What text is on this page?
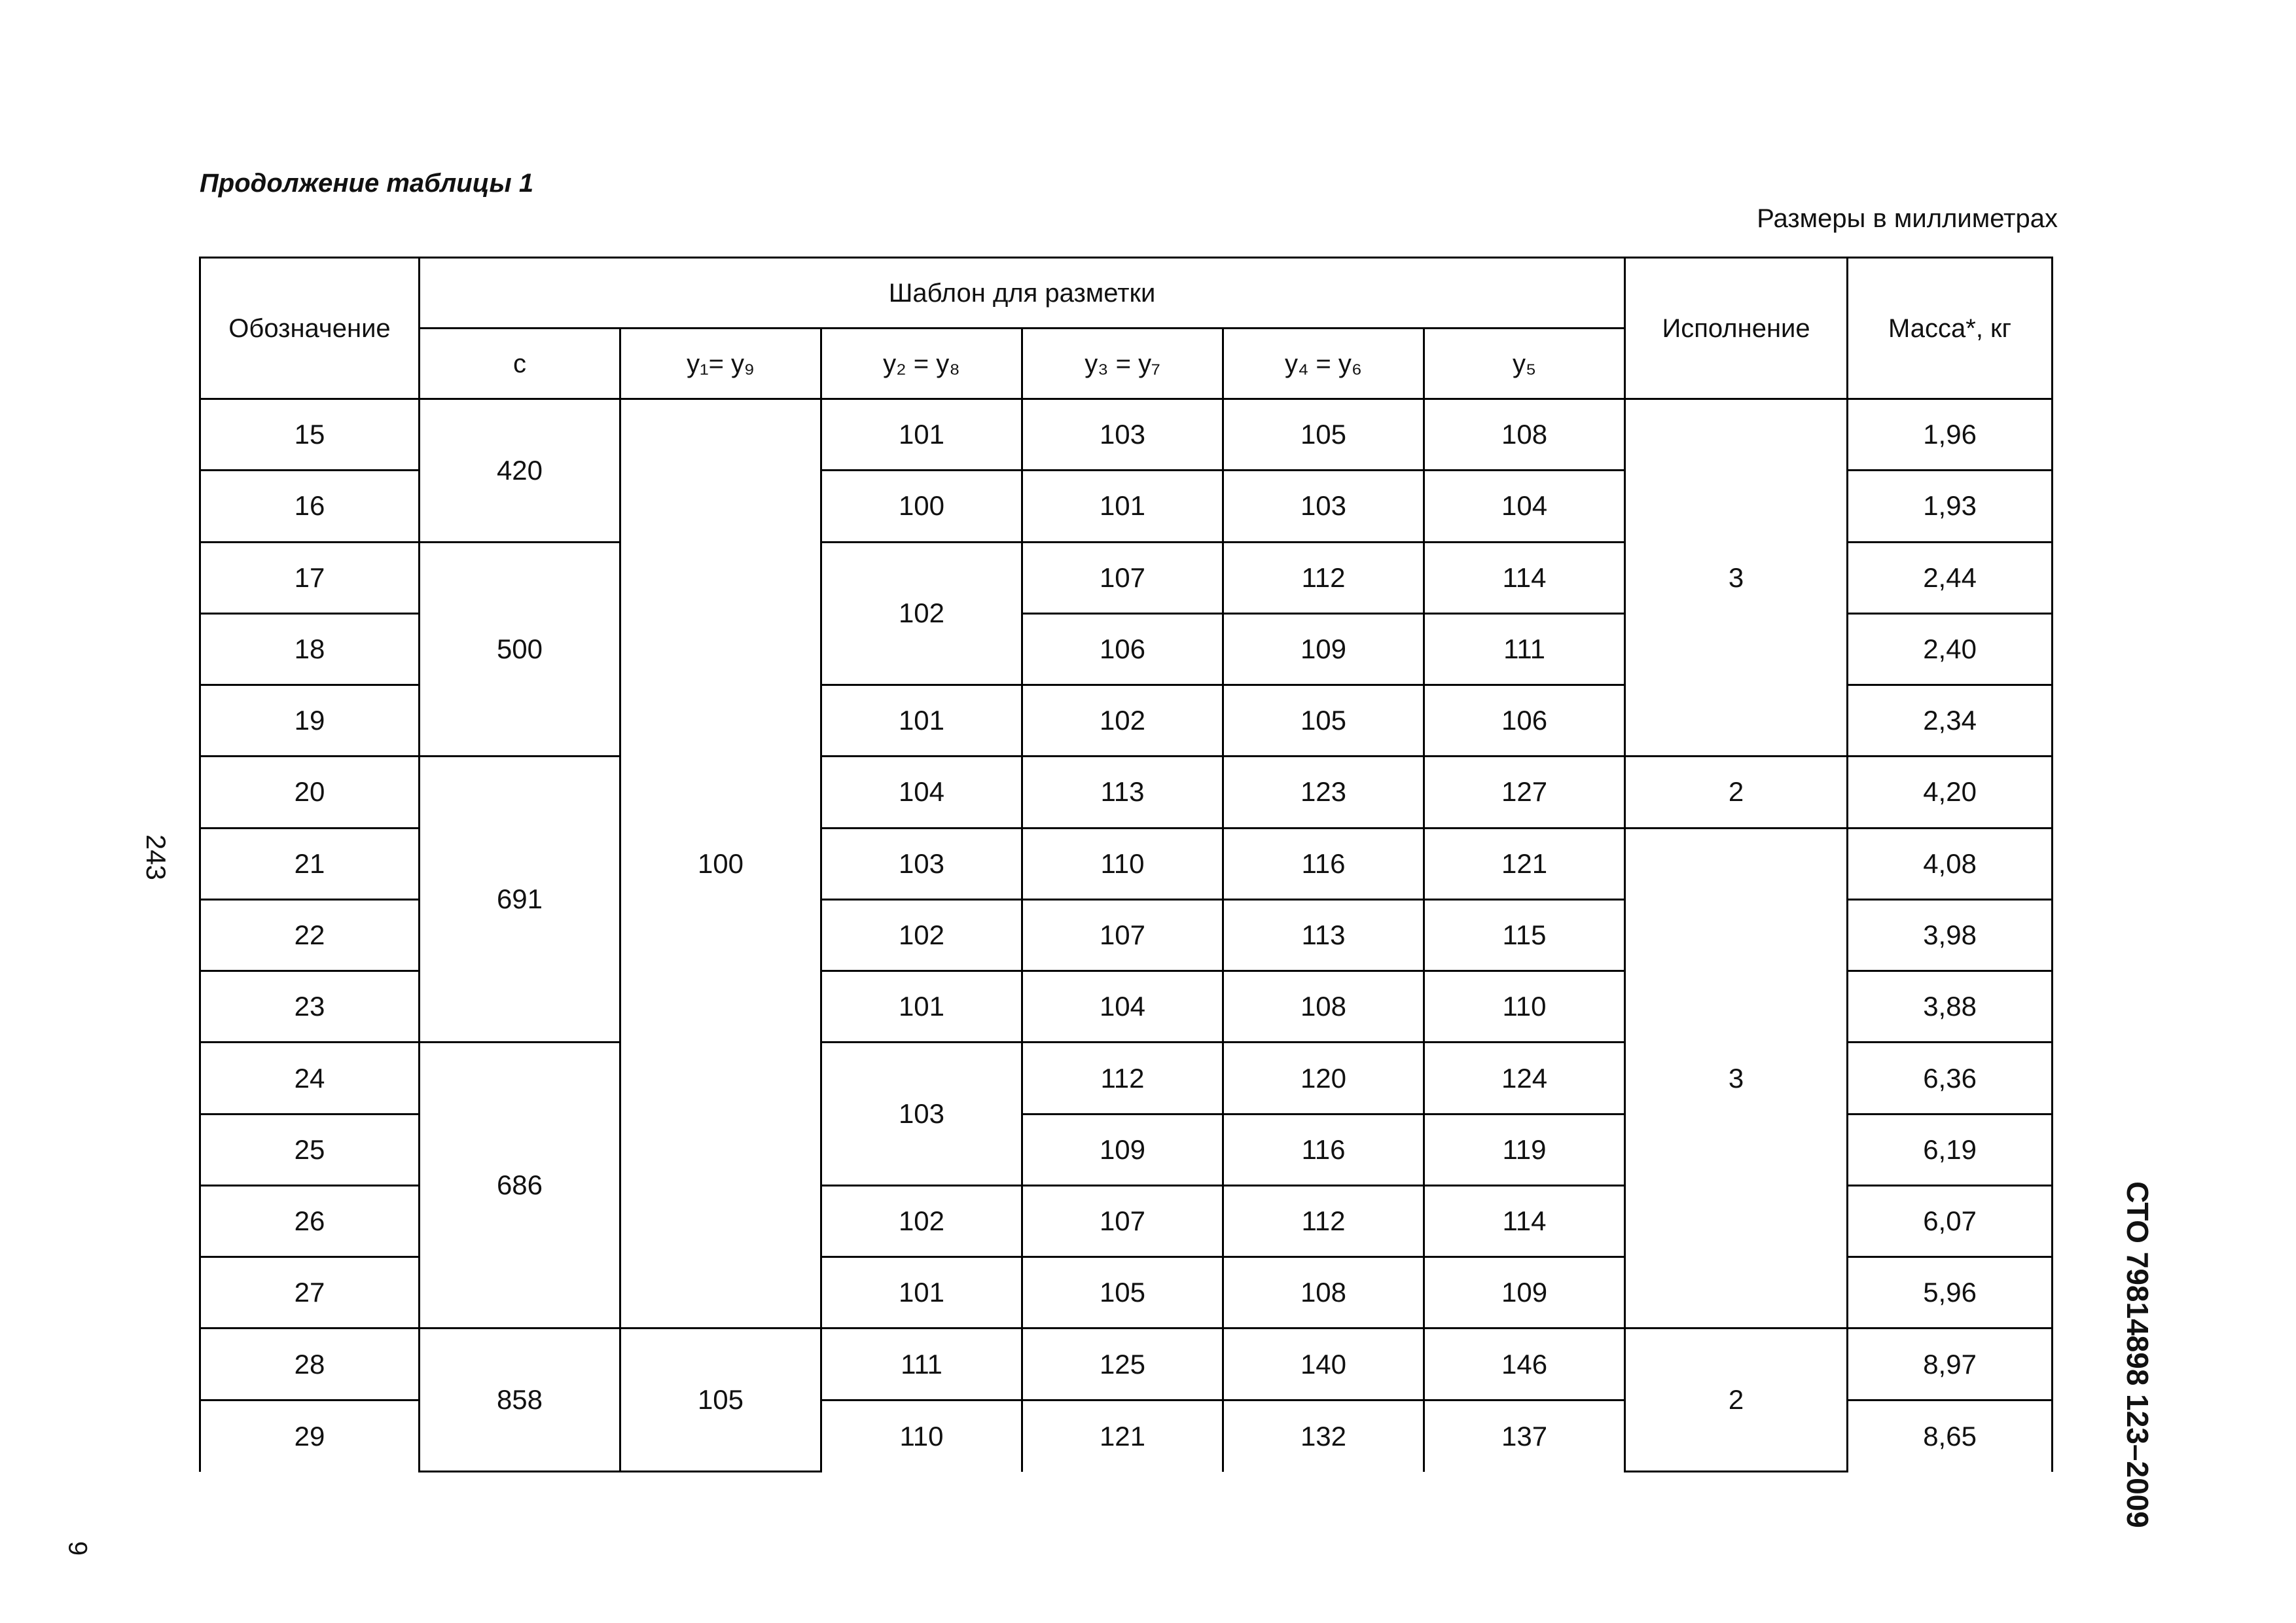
Продолжение таблицы 1
Размеры в миллиметрах
243
СТО 79814898 123–2009
9
Обозначение	Шаблон для разметки						Исполнение	Масса*, кг
	с	y₁= y₉	y₂ = y₈	y₃ = y₇	y₄ = y₆	y₅		
15	420	100	101	103	105	108	3	1,96
16			100	101	103	104		1,93
17	500		102	107	112	114		2,44
18				106	109	111		2,40
19			101	102	105	106		2,34
20	691		104	113	123	127	2	4,20
21			103	110	116	121	3	4,08
22			102	107	113	115		3,98
23			101	104	108	110		3,88
24	686		103	112	120	124		6,36
25				109	116	119		6,19
26			102	107	112	114		6,07
27			101	105	108	109		5,96
28	858	105	111	125	140	146	2	8,97
29			110	121	132	137		8,65
